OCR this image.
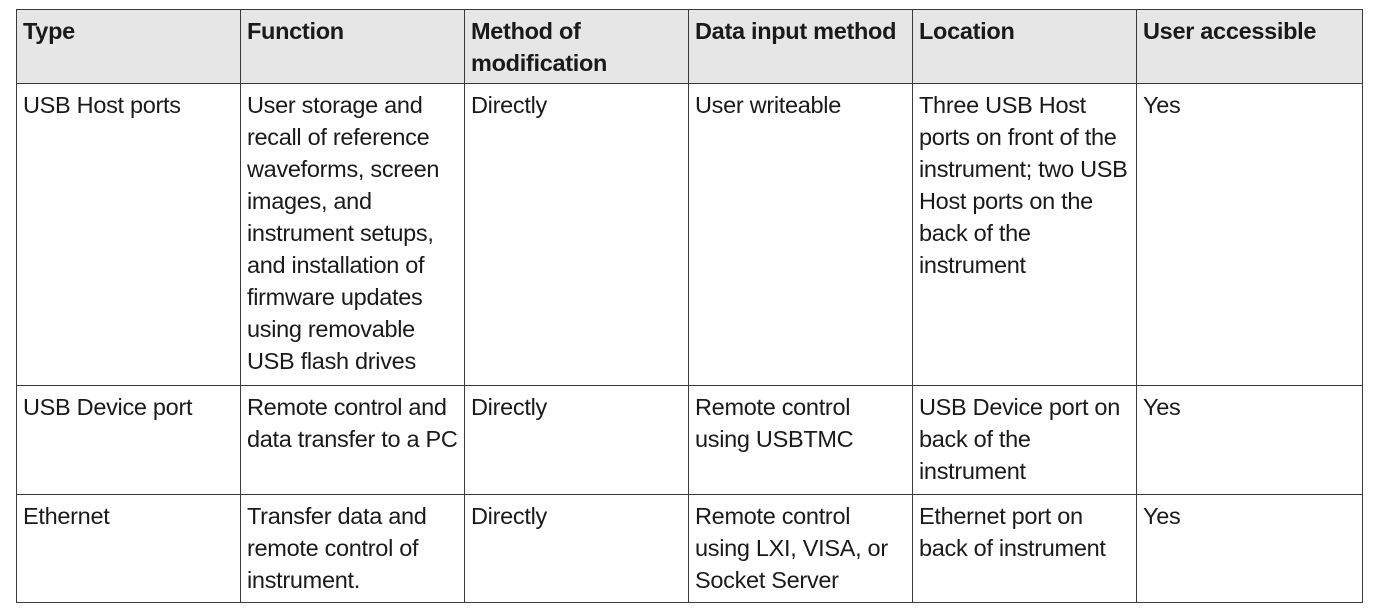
Type	Function	Method of modification	Data input method	Location	User accessible
USB Host ports	User storage and recall of reference waveforms, screen images, and instrument setups, and installation of firmware updates using removable USB flash drives	Directly	User writeable	Three USB Host ports on front of the instrument; two USB Host ports on the back of the instrument	Yes
USB Device port	Remote control and data transfer to a PC	Directly	Remote control using USBTMC	USB Device port on back of the instrument	Yes
Ethernet	Transfer data and remote control of instrument.	Directly	Remote control using LXI, VISA, or Socket Server	Ethernet port on back of instrument	Yes
